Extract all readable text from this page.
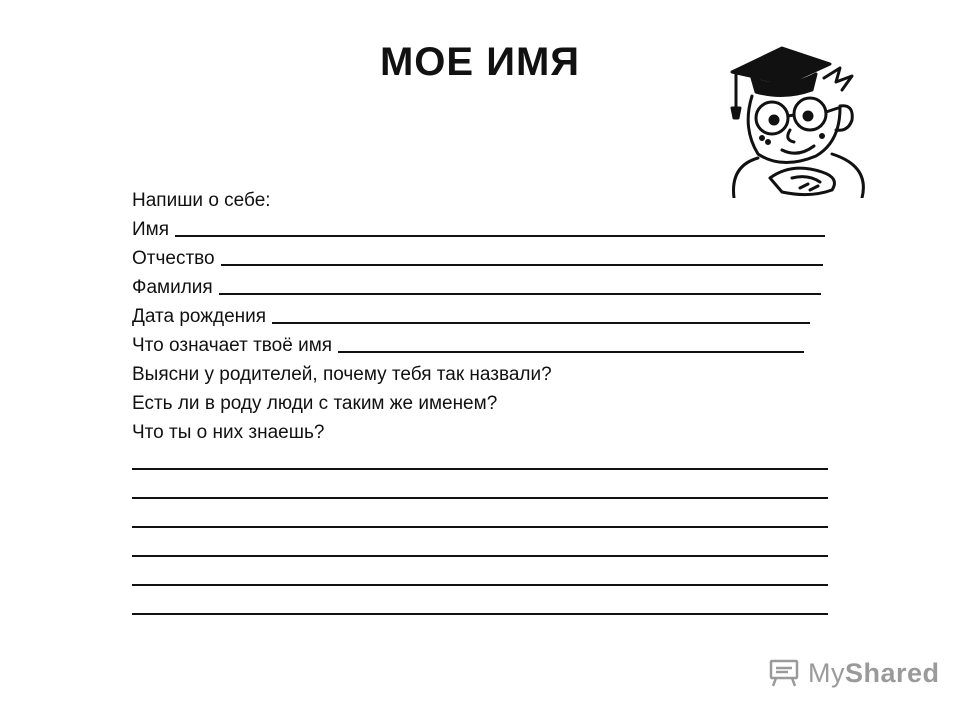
МОЕ ИМЯ
Напиши о себе:
Имя
Отчество
Фамилия
Дата рождения
Что означает твоё имя
Выясни у родителей, почему тебя так назвали?
Есть ли в роду люди с таким же именем?
Что ты о них знаешь?
MyShared
